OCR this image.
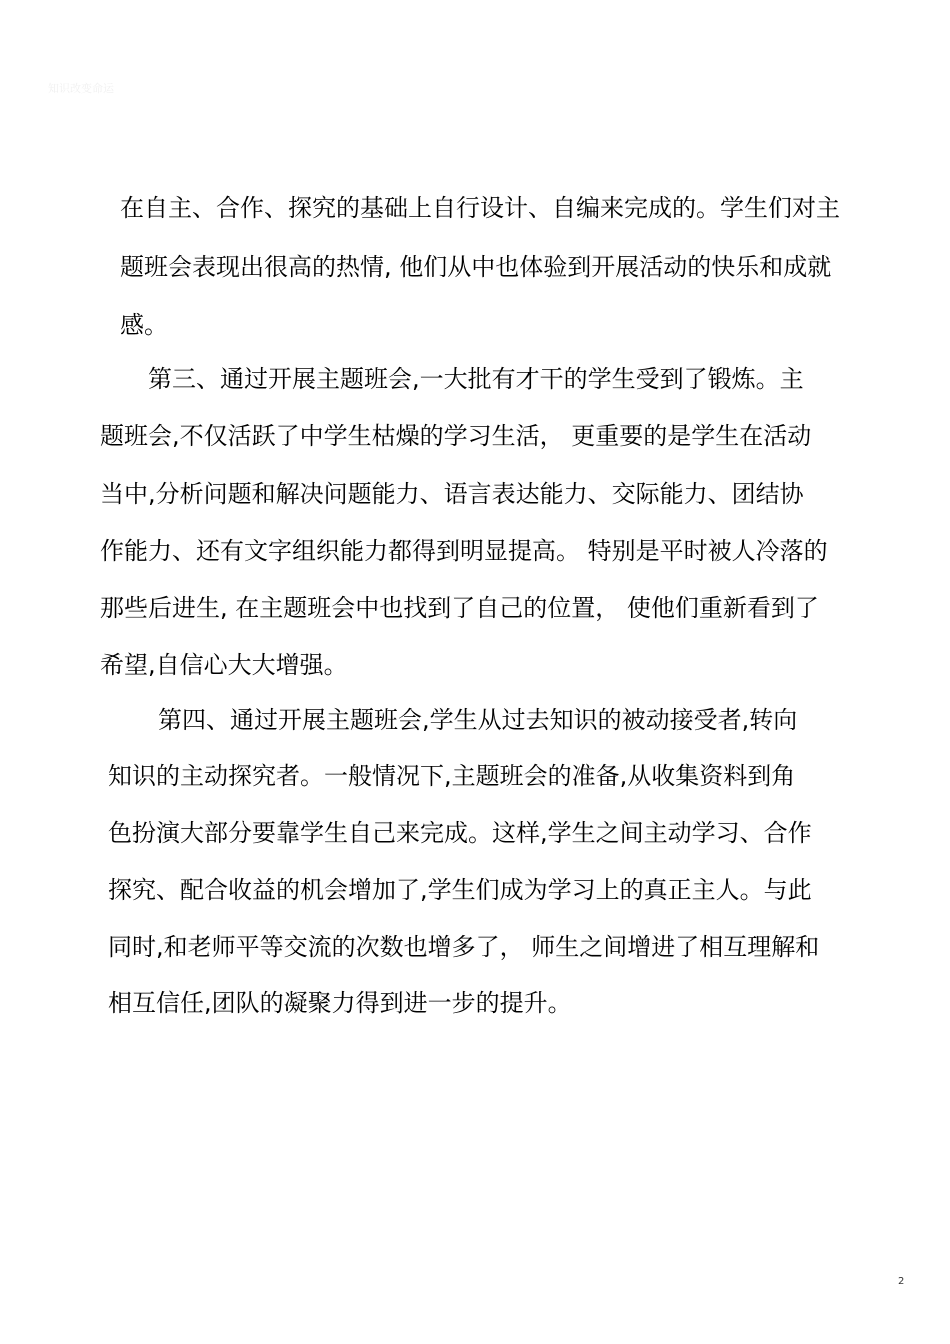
知识改变命运
在自主、合作、探究的基础上自行设计、自编来完成的。学生们对主
题班会表现出很高的热情, 他们从中也体验到开展活动的快乐和成就
感。
第三、通过开展主题班会,一大批有才干的学生受到了锻炼。主
题班会,不仅活跃了中学生枯燥的学习生活， 更重要的是学生在活动
当中,分析问题和解决问题能力、语言表达能力、交际能力、团结协
作能力、还有文字组织能力都得到明显提高。 特别是平时被人冷落的
那些后进生, 在主题班会中也找到了自己的位置， 使他们重新看到了
希望,自信心大大增强。
第四、通过开展主题班会,学生从过去知识的被动接受者,转向
知识的主动探究者。一般情况下,主题班会的准备,从收集资料到角
色扮演大部分要靠学生自己来完成。这样,学生之间主动学习、合作
探究、配合收益的机会增加了,学生们成为学习上的真正主人。与此
同时,和老师平等交流的次数也增多了， 师生之间增进了相互理解和
相互信任,团队的凝聚力得到进一步的提升。
2
